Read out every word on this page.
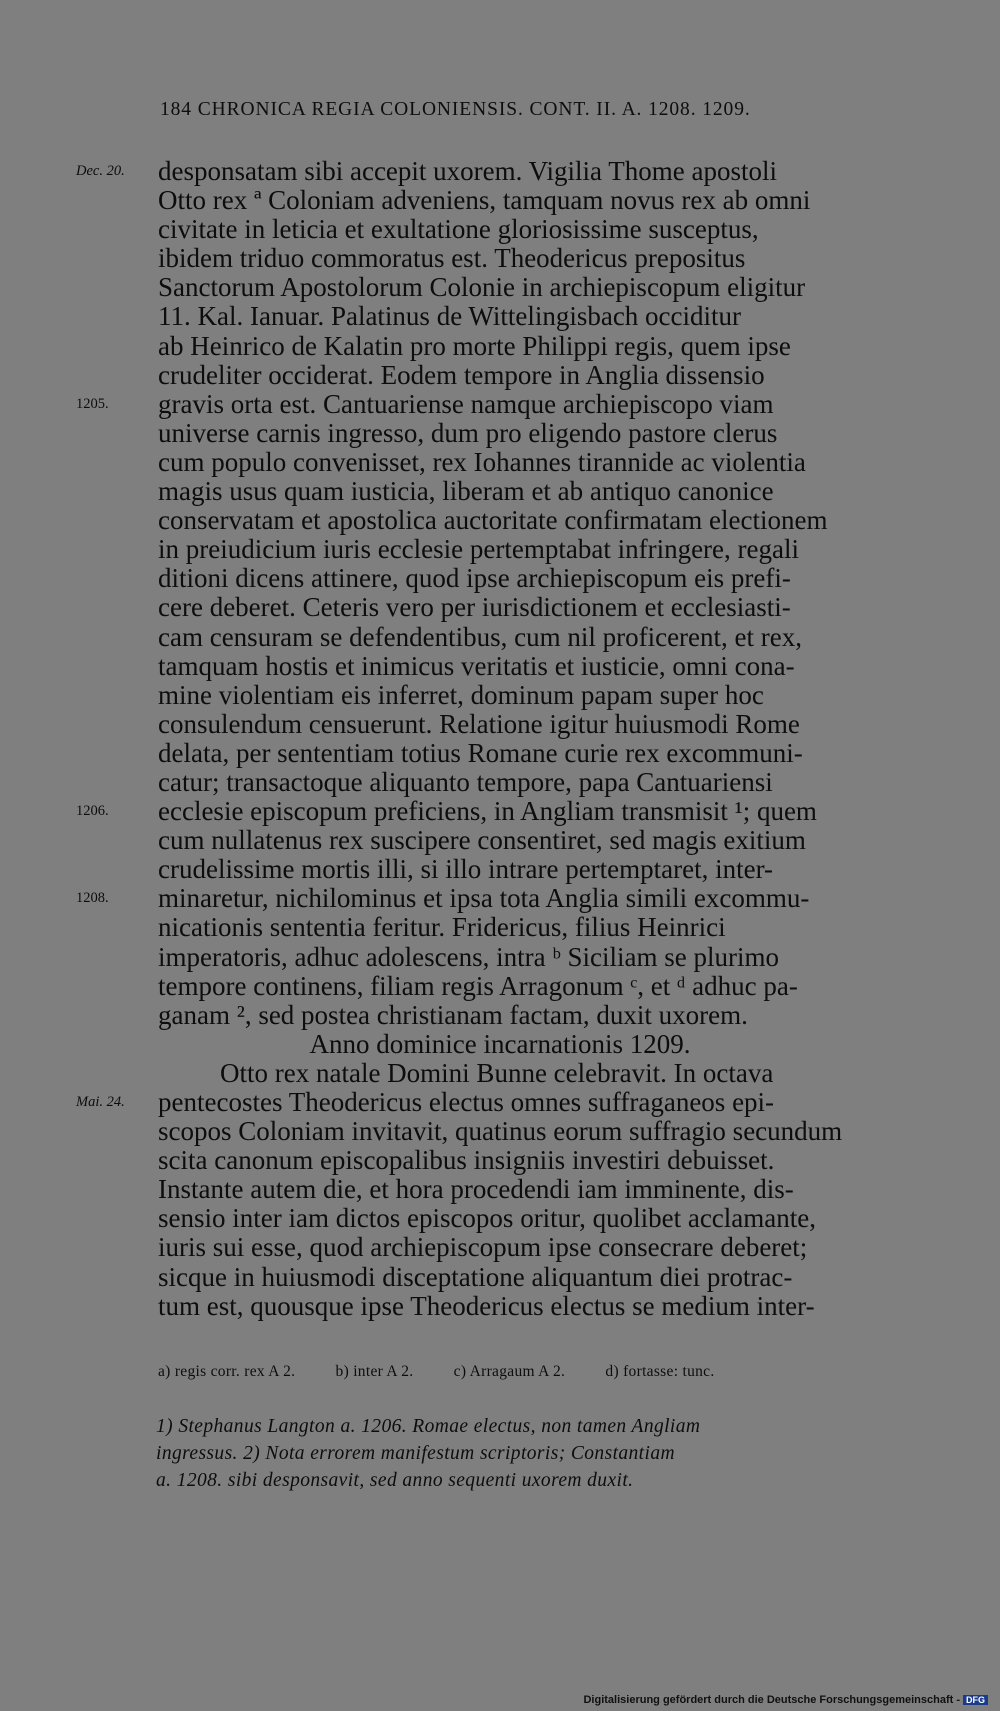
184 CHRONICA REGIA COLONIENSIS. CONT. II. A. 1208. 1209.
Dec. 20.	desponsatam sibi accepit uxorem. Vigilia Thome apostoli
Otto rex ª Coloniam adveniens, tamquam novus rex ab omni
civitate in leticia et exultatione gloriosissime susceptus,
ibidem triduo commoratus est. Theodericus prepositus
Sanctorum Apostolorum Colonie in archiepiscopum eligitur
11. Kal. Ianuar. Palatinus de Wittelingisbach occiditur
ab Heinrico de Kalatin pro morte Philippi regis, quem ipse
crudeliter occiderat. Eodem tempore in Anglia dissensio
1205.	gravis orta est. Cantuariense namque archiepiscopo viam
universe carnis ingresso, dum pro eligendo pastore clerus
cum populo convenisset, rex Iohannes tirannide ac violentia
magis usus quam iusticia, liberam et ab antiquo canonice
conservatam et apostolica auctoritate confirmatam electionem
in preiudicium iuris ecclesie pertemptabat infringere, regali
ditioni dicens attinere, quod ipse archiepiscopum eis prefi-
cere deberet. Ceteris vero per iurisdictionem et ecclesiasti-
cam censuram se defendentibus, cum nil proficerent, et rex,
tamquam hostis et inimicus veritatis et iusticie, omni cona-
mine violentiam eis inferret, dominum papam super hoc
consulendum censuerunt. Relatione igitur huiusmodi Rome
delata, per sententiam totius Romane curie rex excommuni-
catur; transactoque aliquanto tempore, papa Cantuariensi
1206.	ecclesie episcopum preficiens, in Angliam transmisit ¹; quem
cum nullatenus rex suscipere consentiret, sed magis exitium
crudelissime mortis illi, si illo intrare pertemptaret, inter-
1208.	minaretur, nichilominus et ipsa tota Anglia simili excommu-
nicationis sententia feritur. Fridericus, filius Heinrici
imperatoris, adhuc adolescens, intra ᵇ Siciliam se plurimo
tempore continens, filiam regis Arragonum ᶜ, et ᵈ adhuc pa-
ganam ², sed postea christianam factam, duxit uxorem.
Anno dominice incarnationis 1209.
Otto rex natale Domini Bunne celebravit. In octava
Mai. 24.	pentecostes Theodericus electus omnes suffraganeos epi-
scopos Coloniam invitavit, quatinus eorum suffragio secundum
scita canonum episcopalibus insigniis investiri debuisset.
Instante autem die, et hora procedendi iam imminente, dis-
sensio inter iam dictos episcopos oritur, quolibet acclamante,
iuris sui esse, quod archiepiscopum ipse consecrare deberet;
sicque in huiusmodi disceptatione aliquantum diei protrac-
tum est, quousque ipse Theodericus electus se medium inter-
a) regis corr. rex A 2.	b) inter A 2.	c) Arragaum A 2.	d) fortasse: tunc.
1) Stephanus Langton a. 1206. Romae electus, non tamen Angliam
ingressus. 2) Nota errorem manifestum scriptoris; Constantiam
a. 1208. sibi desponsavit, sed anno sequenti uxorem duxit.
Digitalisierung gefördert durch die Deutsche Forschungsgemeinschaft - DFG
